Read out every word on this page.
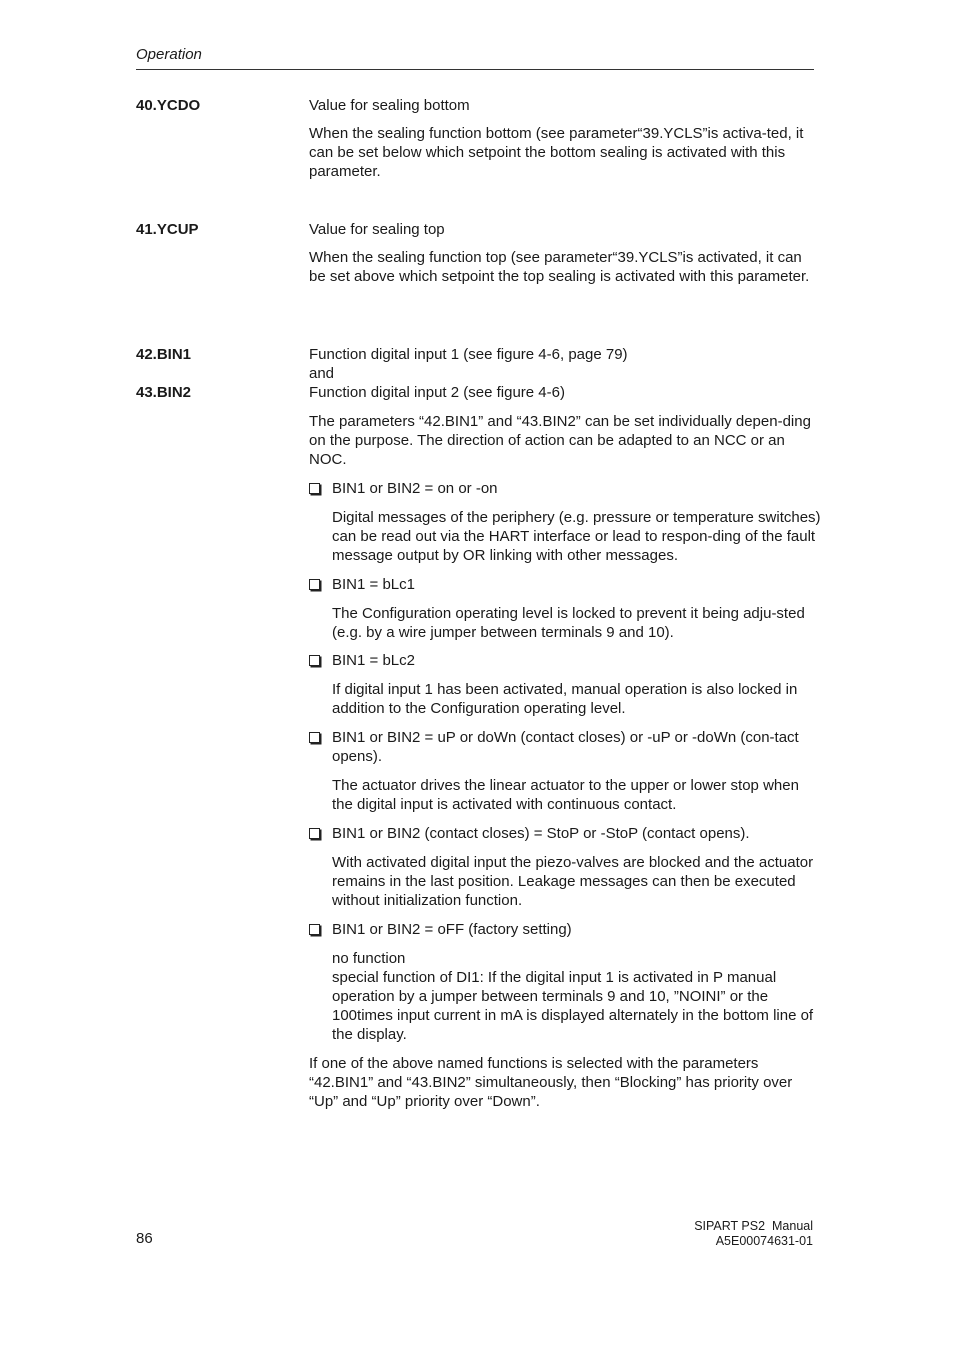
Operation
40.YCDO	Value for sealing bottom
When the sealing function bottom (see parameter“39.YCLS”is activa-ted, it can be set below which setpoint the bottom sealing is activated with this parameter.
41.YCUP	Value for sealing top
When the sealing function top (see parameter“39.YCLS”is activated, it can be set above which setpoint the top sealing is activated with this parameter.
42.BIN1
43.BIN2
Function digital input 1 (see figure 4-6, page 79)
and
Function digital input 2 (see figure 4-6)
The parameters “42.BIN1” and “43.BIN2” can be set individually depen-ding on the purpose. The direction of action can be adapted to an NCC or an NOC.
BIN1 or BIN2 = on or -on
Digital messages of the periphery (e.g. pressure or temperature switches) can be read out via the HART interface or lead to respon-ding of the fault message output by OR linking with other messages.
BIN1 = bLc1
The Configuration operating level is locked to prevent it being adju-sted (e.g. by a wire jumper between terminals 9 and 10).
BIN1 = bLc2
If digital input 1 has been activated, manual operation is also locked in addition to the Configuration operating level.
BIN1 or BIN2 = uP or doWn (contact closes) or -uP or -doWn (con-tact opens).
The actuator drives the linear actuator to the upper or lower stop when the digital input is activated with continuous contact.
BIN1 or BIN2 (contact closes) = StoP or -StoP (contact opens).
With activated digital input the piezo-valves are blocked and the actuator remains in the last position. Leakage messages can then be executed without initialization function.
BIN1 or BIN2 = oFF (factory setting)
no function
special function of DI1: If the digital input 1 is activated in P manual operation by a jumper between terminals 9 and 10, ”NOINI” or the 100times input current in mA is displayed alternately in the bottom line of the display.
If one of the above named functions is selected with the parameters “42.BIN1” and “43.BIN2” simultaneously, then “Blocking” has priority over “Up” and “Up” priority over “Down”.
86
SIPART PS2  Manual
A5E00074631-01
